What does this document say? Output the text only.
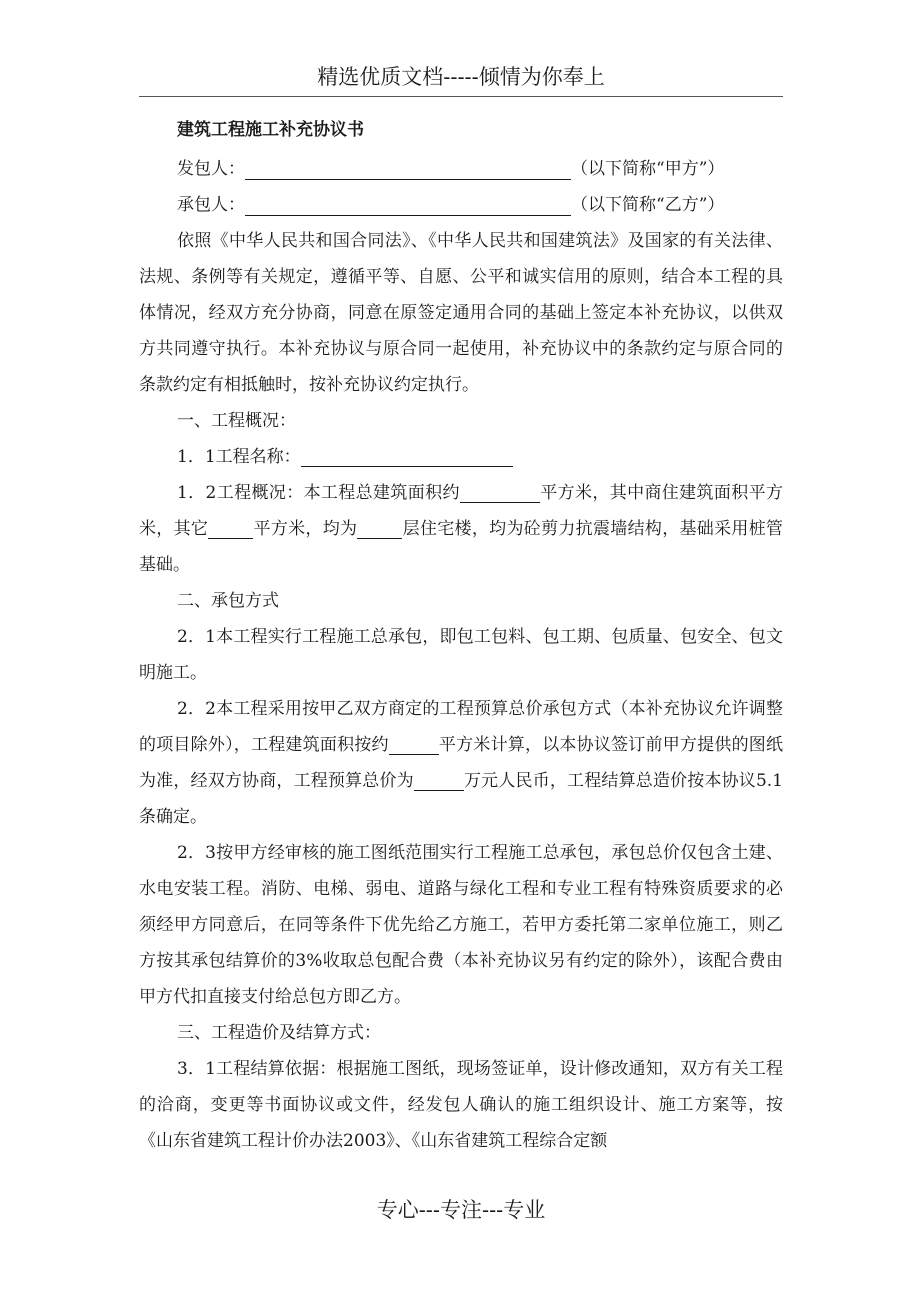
精选优质文档-----倾情为你奉上
建筑工程施工补充协议书
发包人：	（以下简称“甲方”）
承包人：	（以下简称“乙方”）

依照《中华人民共和国合同法》、《中华人民共和国建筑法》及国家的有关法律、法规、条例等有关规定，遵循平等、自愿、公平和诚实信用的原则，结合本工程的具体情况，经双方充分协商，同意在原签定通用合同的基础上签定本补充协议，以供双方共同遵守执行。本补充协议与原合同一起使用，补充协议中的条款约定与原合同的条款约定有相抵触时，按补充协议约定执行。

一、工程概况：

1．1工程名称：

1．2工程概况：本工程总建筑面积约	平方米，其中商住建筑面积平方米，其它	平方米，均为	层住宅楼，均为砼剪力抗震墙结构，基础采用桩管基础。

二、承包方式

2．1本工程实行工程施工总承包，即包工包料、包工期、包质量、包安全、包文明施工。

2．2本工程采用按甲乙双方商定的工程预算总价承包方式（本补充协议允许调整的项目除外），工程建筑面积按约	平方米计算，以本协议签订前甲方提供的图纸为准，经双方协商，工程预算总价为	万元人民币，工程结算总造价按本协议5.1条确定。

2．3按甲方经审核的施工图纸范围实行工程施工总承包，承包总价仅包含土建、水电安装工程。消防、电梯、弱电、道路与绿化工程和专业工程有特殊资质要求的必须经甲方同意后，在同等条件下优先给乙方施工，若甲方委托第二家单位施工，则乙方按其承包结算价的3%收取总包配合费（本补充协议另有约定的除外），该配合费由甲方代扣直接支付给总包方即乙方。

三、工程造价及结算方式：

3．1工程结算依据：根据施工图纸，现场签证单，设计修改通知，双方有关工程的洽商，变更等书面协议或文件，经发包人确认的施工组织设计、施工方案等，按《山东省建筑工程计价办法2003》、《山东省建筑工程综合定额

专心---专注---专业
